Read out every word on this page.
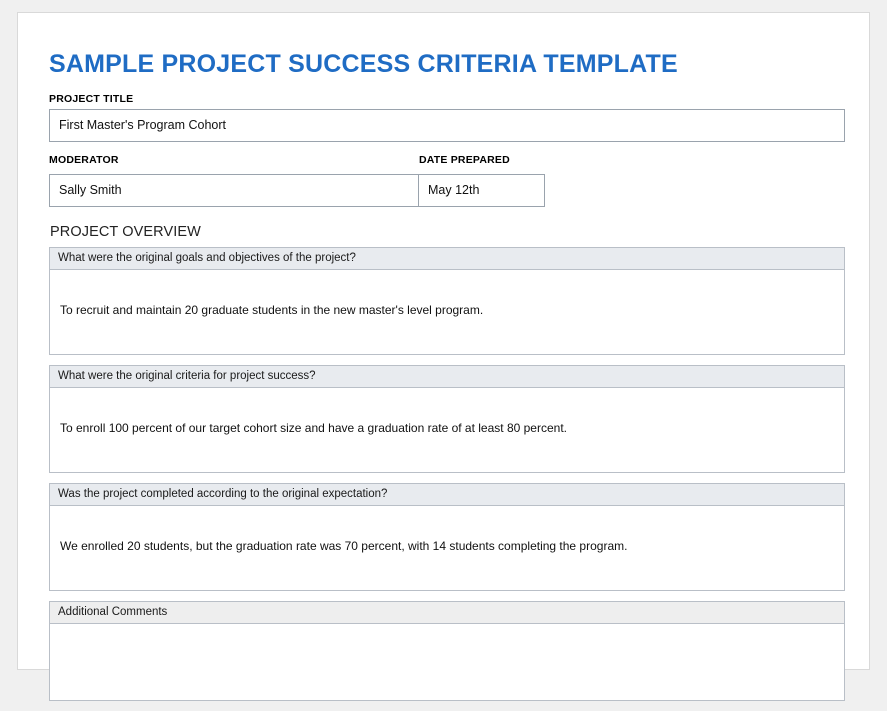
SAMPLE PROJECT SUCCESS CRITERIA TEMPLATE
PROJECT TITLE
First Master's Program Cohort
MODERATOR	DATE PREPARED
Sally Smith	May 12th
PROJECT OVERVIEW
What were the original goals and objectives of the project?
To recruit and maintain 20 graduate students in the new master's level program.
What were the original criteria for project success?
To enroll 100 percent of our target cohort size and have a graduation rate of at least 80 percent.
Was the project completed according to the original expectation?
We enrolled 20 students, but the graduation rate was 70 percent, with 14 students completing the program.
Additional Comments
